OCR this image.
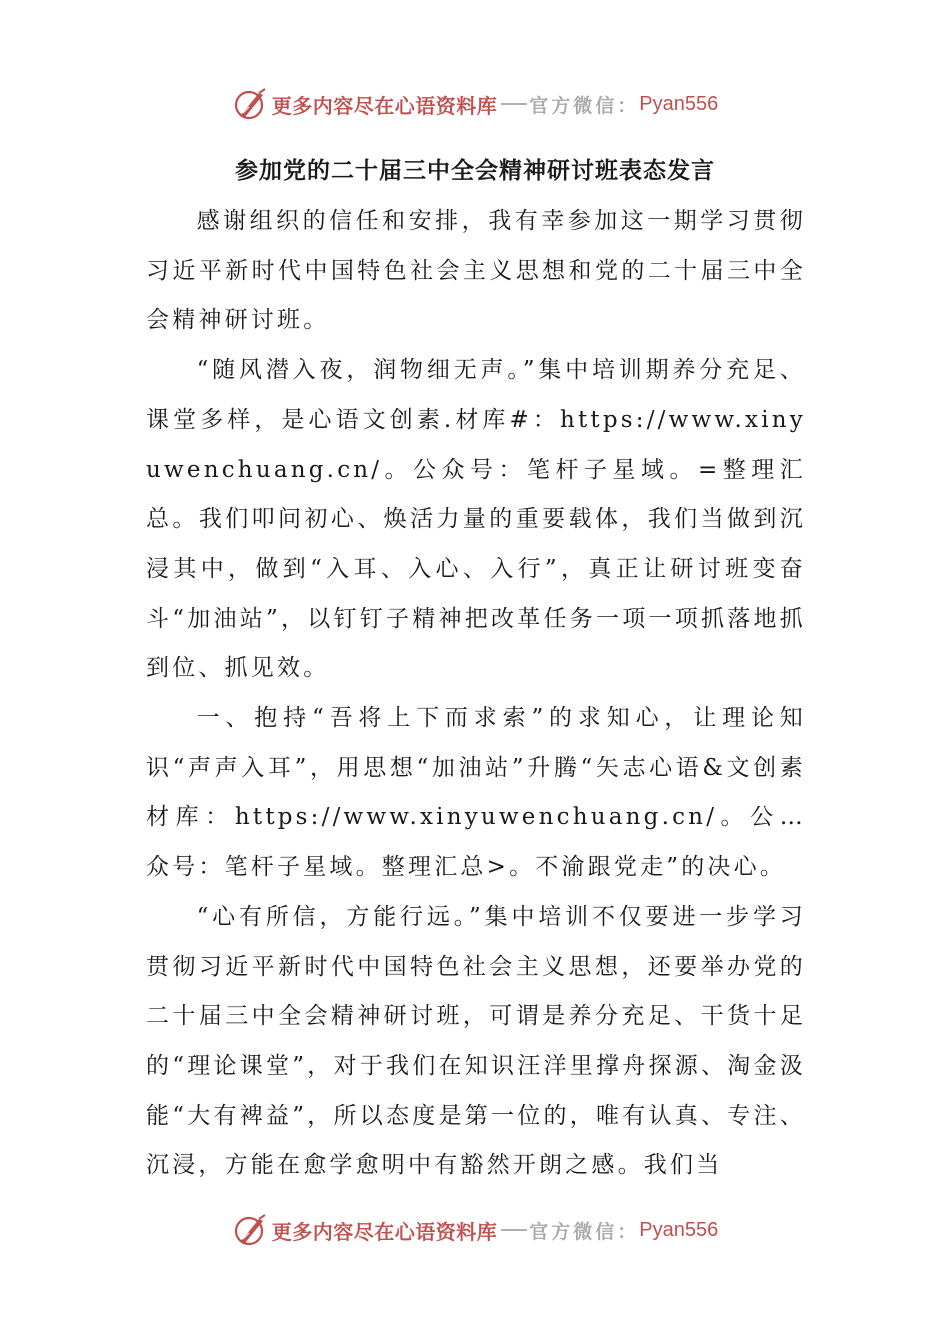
更多内容尽在心语资料库 官方微信： Pyan556
参加党的二十届三中全会精神研讨班表态发言

感谢组织的信任和安排，我有幸参加这一期学习贯彻习近平新时代中国特色社会主义思想和党的二十届三中全会精神研讨班。

“随风潜入夜，润物细无声。”集中培训期养分充足、课堂多样，是心语文创素.材库#：https://www.xinyuwenchuang.cn/。公众号：笔杆子星域。=整理汇总。我们叩问初心、焕活力量的重要载体，我们当做到沉浸其中，做到“入耳、入心、入行”，真正让研讨班变奋斗“加油站”，以钉钉子精神把改革任务一项一项抓落地抓到位、抓见效。

一、抱持“吾将上下而求索”的求知心，让理论知识“声声入耳”，用思想“加油站”升腾“矢志心语&文创素材库：https://www.xinyuwenchuang.cn/。公…众号：笔杆子星域。整理汇总>。不渝跟党走”的决心。

“心有所信，方能行远。”集中培训不仅要进一步学习贯彻习近平新时代中国特色社会主义思想，还要举办党的二十届三中全会精神研讨班，可谓是养分充足、干货十足的“理论课堂”，对于我们在知识汪洋里撑舟探源、淘金汲能“大有裨益”，所以态度是第一位的，唯有认真、专注、沉浸，方能在愈学愈明中有豁然开朗之感。我们当

更多内容尽在心语资料库 官方微信： Pyan556
